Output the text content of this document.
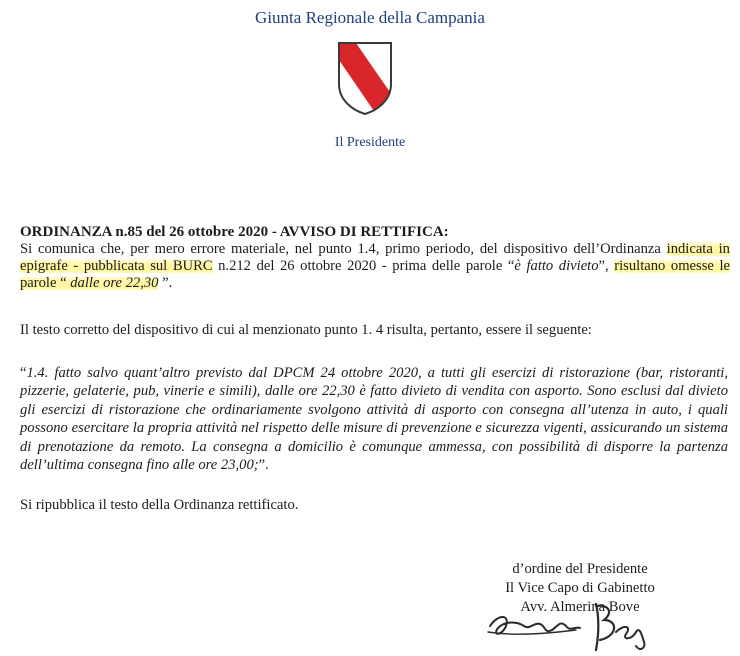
Giunta Regionale della Campania
Il Presidente
ORDINANZA n.85 del 26 ottobre 2020 - AVVISO DI RETTIFICA:

Si comunica che, per mero errore materiale, nel punto 1.4, primo periodo, del dispositivo dell’Ordinanza indicata in epigrafe - pubblicata sul BURC n.212 del 26 ottobre 2020 - prima delle parole “è fatto divieto”, risultano omesse le parole “ dalle ore 22,30 ”.

Il testo corretto del dispositivo di cui al menzionato punto 1. 4 risulta, pertanto, essere il seguente:
“1.4. fatto salvo quant’altro previsto dal DPCM 24 ottobre 2020, a tutti gli esercizi di ristorazione (bar, ristoranti, pizzerie, gelaterie, pub, vinerie e simili), dalle ore 22,30 è fatto divieto di vendita con asporto. Sono esclusi dal divieto gli esercizi di ristorazione che ordinariamente svolgono attività di asporto con consegna all’utenza in auto, i quali possono esercitare la propria attività nel rispetto delle misure di prevenzione e sicurezza vigenti, assicurando un sistema di prenotazione da remoto. La consegna a domicilio è comunque ammessa, con possibilità di disporre la partenza dell’ultima consegna fino alle ore 23,00;”.
Si ripubblica il testo della Ordinanza rettificato.
d’ordine del Presidente
Il Vice Capo di Gabinetto
Avv. Almerina Bove
